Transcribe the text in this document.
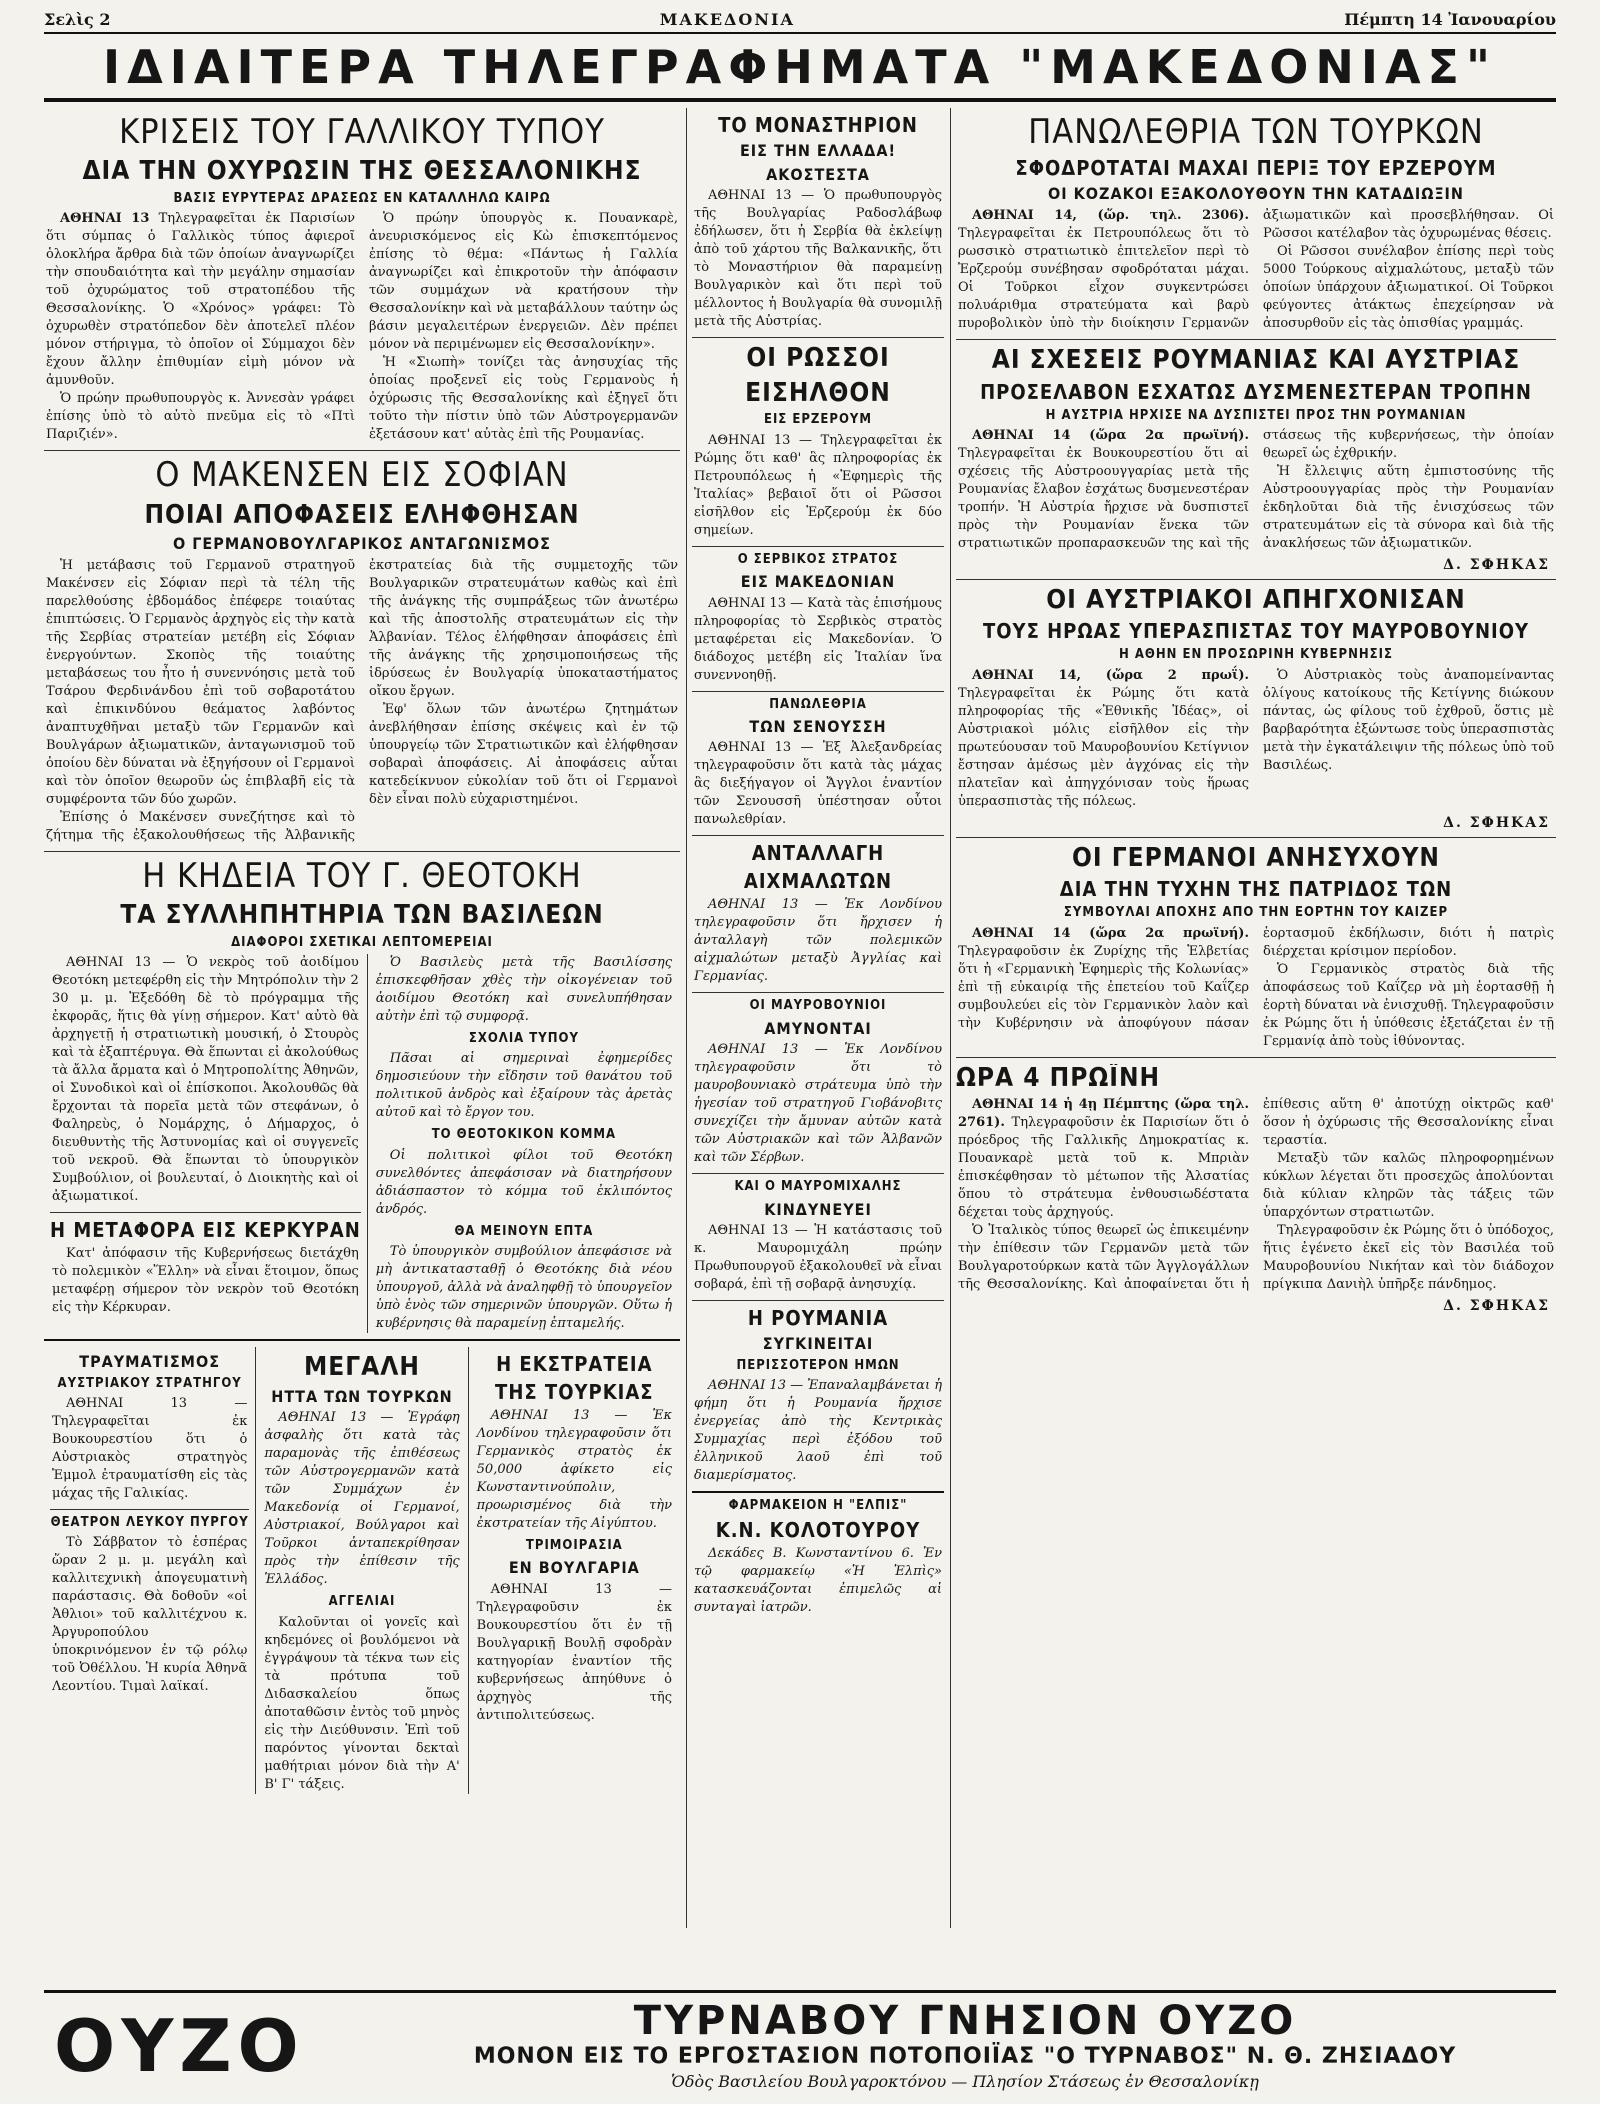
Σελὶς 2	ΜΑΚΕΔΟΝΙΑ	Πέμπτη 14 Ἰανουαρίου
ΙΔΙΑΙΤΕΡΑ ΤΗΛΕΓΡΑΦΗΜΑΤΑ "ΜΑΚΕΔΟΝΙΑΣ"
ΚΡΙΣΕΙΣ ΤΟΥ ΓΑΛΛΙΚΟΥ ΤΥΠΟΥ
ΔΙΑ ΤΗΝ ΟΧΥΡΩΣΙΝ ΤΗΣ ΘΕΣΣΑΛΟΝΙΚΗΣ
ΒΑΣΙΣ ΕΥΡΥΤΕΡΑΣ ΔΡΑΣΕΩΣ ΕΝ ΚΑΤΑΛΛΗΛΩ ΚΑΙΡΩ

ΑΘΗΝΑΙ 13 Τηλεγραφεῖται ἐκ Παρισίων ὅτι σύμπας ὁ Γαλλικὸς τύπος ἀφιεροῖ ὁλοκλήρα ἄρθρα διὰ τῶν ὁποίων ἀναγνωρίζει τὴν σπουδαιότητα καὶ τὴν μεγάλην σημασίαν τοῦ ὀχυρώματος τοῦ στρατοπέδου τῆς Θεσσαλονίκης. Ὁ «Χρόνος» γράφει: Τὸ ὀχυρωθὲν στρατόπεδον δὲν ἀποτελεῖ πλέον μόνον στήριγμα, τὸ ὁποῖον οἱ Σύμμαχοι δὲν ἔχουν ἄλλην ἐπιθυμίαν εἰμὴ μόνον νὰ ἀμυνθοῦν.

Ὁ πρώην πρωθυπουργὸς κ. Ἀννεσὰν γράφει ἐπίσης ὑπὸ τὸ αὐτὸ πνεῦμα εἰς τὸ «Πτὶ Παριζιέν».

Ὁ πρώην ὑπουργὸς κ. Πουανκαρὲ, ἀνευρισκόμενος εἰς Κὼ ἐπισκεπτόμενος ἐπίσης τὸ θέμα: «Πάντως ἡ Γαλλία ἀναγνωρίζει καὶ ἐπικροτοῦν τὴν ἀπόφασιν τῶν συμμάχων νὰ κρατήσουν τὴν Θεσσαλονίκην καὶ νὰ μεταβάλλουν ταύτην ὡς βάσιν μεγαλειτέρων ἐνεργειῶν. Δὲν πρέπει μόνον νὰ περιμένωμεν εἰς Θεσσαλονίκην».

Ἡ «Σιωπὴ» τονίζει τὰς ἀνησυχίας τῆς ὁποίας προξενεῖ εἰς τοὺς Γερμανοὺς ἡ ὀχύρωσις τῆς Θεσσαλονίκης καὶ ἐξηγεῖ ὅτι τοῦτο τὴν πίστιν ὑπὸ τῶν Αὐστρογερμανῶν ἐξετάσουν κατ' αὐτὰς ἐπὶ τῆς Ρουμανίας.

Ο ΜΑΚΕΝΣΕΝ ΕΙΣ ΣΟΦΙΑΝ
ΠΟΙΑΙ ΑΠΟΦΑΣΕΙΣ ΕΛΗΦΘΗΣΑΝ
Ο ΓΕΡΜΑΝΟΒΟΥΛΓΑΡΙΚΟΣ ΑΝΤΑΓΩΝΙΣΜΟΣ

Ἡ μετάβασις τοῦ Γερμανοῦ στρατηγοῦ Μακένσεν εἰς Σόφιαν περὶ τὰ τέλη τῆς παρελθούσης ἑβδομάδος ἐπέφερε τοιαύτας ἐπιπτώσεις. Ὁ Γερμανὸς ἀρχηγὸς εἰς τὴν κατὰ τῆς Σερβίας στρατείαν μετέβη εἰς Σόφιαν ἐνεργούντων. Σκοπὸς τῆς τοιαύτης μεταβάσεως του ἦτο ἡ συνεννόησις μετὰ τοῦ Τσάρου Φερδινάνδου ἐπὶ τοῦ σοβαροτάτου καὶ ἐπικινδύνου θεάματος λαβόντος ἀναπτυχθῆναι μεταξὺ τῶν Γερμανῶν καὶ Βουλγάρων ἀξιωματικῶν, ἀνταγωνισμοῦ τοῦ ὁποίου δὲν δύναται νὰ ἐξηγήσουν οἱ Γερμανοὶ καὶ τὸν ὁποῖον θεωροῦν ὡς ἐπιβλαβῆ εἰς τὰ συμφέροντα τῶν δύο χωρῶν.

Ἐπίσης ὁ Μακένσεν συνεζήτησε καὶ τὸ ζήτημα τῆς ἐξακολουθήσεως τῆς Ἀλβανικῆς ἐκστρατείας διὰ τῆς συμμετοχῆς τῶν Βουλγαρικῶν στρατευμάτων καθὼς καὶ ἐπὶ τῆς ἀνάγκης τῆς συμπράξεως τῶν ἀνωτέρω καὶ τῆς ἀποστολῆς στρατευμάτων εἰς τὴν Ἀλβανίαν. Τέλος ἐλήφθησαν ἀποφάσεις ἐπὶ τῆς ἀνάγκης τῆς χρησιμοποιήσεως τῆς ἱδρύσεως ἐν Βουλγαρίᾳ ὑποκαταστήματος οἴκου ἔργων.

Ἐφ' ὅλων τῶν ἀνωτέρω ζητημάτων ἀνεβλήθησαν ἐπίσης σκέψεις καὶ ἐν τῷ ὑπουργείῳ τῶν Στρατιωτικῶν καὶ ἐλήφθησαν σοβαραὶ ἀποφάσεις. Αἱ ἀποφάσεις αὗται κατεδείκνυον εὐκολίαν τοῦ ὅτι οἱ Γερμανοὶ δὲν εἶναι πολὺ εὐχαριστημένοι.

Η ΚΗΔΕΙΑ ΤΟΥ Γ. ΘΕΟΤΟΚΗ
ΤΑ ΣΥΛΛΗΠΗΤΗΡΙΑ ΤΩΝ ΒΑΣΙΛΕΩΝ
ΔΙΑΦΟΡΟΙ ΣΧΕΤΙΚΑΙ ΛΕΠΤΟΜΕΡΕΙΑΙ

ΑΘΗΝΑΙ 13 — Ὁ νεκρὸς τοῦ ἀοιδίμου Θεοτόκη μετεφέρθη εἰς τὴν Μητρόπολιν τὴν 2 30 μ. μ. Ἐξεδόθη δὲ τὸ πρόγραμμα τῆς ἐκφορᾶς, ἥτις θὰ γίνῃ σήμερον. Κατ' αὐτὸ θὰ ἀρχηγετῇ ἡ στρατιωτικὴ μουσική, ὁ Στουρὸς καὶ τὰ ἐξαπτέρυγα. Θὰ ἕπωνται εἰ ἀκολούθως τὰ ἄλλα ἄρματα καὶ ὁ Μητροπολίτης Ἀθηνῶν, οἱ Συνοδικοὶ καὶ οἱ ἐπίσκοποι. Ἀκολουθῶς θὰ ἔρχονται τὰ πορεῖα μετὰ τῶν στεφάνων, ὁ Φαληρεὺς, ὁ Νομάρχης, ὁ Δήμαρχος, ὁ διευθυντὴς τῆς Ἀστυνομίας καὶ οἱ συγγενεῖς τοῦ νεκροῦ. Θὰ ἕπωνται τὸ ὑπουργικὸν Συμβούλιον, οἱ βουλευταί, ὁ Διοικητὴς καὶ οἱ ἀξιωματικοί.

Η ΜΕΤΑΦΟΡΑ ΕΙΣ ΚΕΡΚΥΡΑΝ

Κατ' ἀπόφασιν τῆς Κυβερνήσεως διετάχθη τὸ πολεμικὸν «Ἕλλη» νὰ εἶναι ἕτοιμον, ὅπως μεταφέρῃ σήμερον τὸν νεκρὸν τοῦ Θεοτόκη εἰς τὴν Κέρκυραν.

Ὁ Βασιλεὺς μετὰ τῆς Βασιλίσσης ἐπισκεφθῆσαν χθὲς τὴν οἰκογένειαν τοῦ ἀοιδίμου Θεοτόκη καὶ συνελυπήθησαν αὐτὴν ἐπὶ τῷ συμφορᾷ.

ΣΧΟΛΙΑ ΤΥΠΟΥ

Πᾶσαι αἱ σημεριναὶ ἐφημερίδες δημοσιεύουν τὴν εἴδησιν τοῦ θανάτου τοῦ πολιτικοῦ ἀνδρὸς καὶ ἐξαίρουν τὰς ἀρετὰς αὐτοῦ καὶ τὸ ἔργον του.

ΤΟ ΘΕΟΤΟΚΙΚΟΝ ΚΟΜΜΑ

Οἱ πολιτικοὶ φίλοι τοῦ Θεοτόκη συνελθόντες ἀπεφάσισαν νὰ διατηρήσουν ἀδιάσπαστον τὸ κόμμα τοῦ ἐκλιπόντος ἀνδρός.

ΘΑ ΜΕΙΝΟΥΝ ΕΠΤΑ

Τὸ ὑπουργικὸν συμβούλιον ἀπεφάσισε νὰ μὴ ἀντικατασταθῇ ὁ Θεοτόκης διὰ νέου ὑπουργοῦ, ἀλλὰ νὰ ἀναληφθῇ τὸ ὑπουργεῖον ὑπὸ ἑνὸς τῶν σημερινῶν ὑπουργῶν. Οὕτω ἡ κυβέρνησις θὰ παραμείνῃ ἑπταμελής.

ΤΡΑΥΜΑΤΙΣΜΟΣ
ΑΥΣΤΡΙΑΚΟΥ ΣΤΡΑΤΗΓΟΥ

ΑΘΗΝΑΙ 13 — Τηλεγραφεῖται ἐκ Βουκουρεστίου ὅτι ὁ Αὐστριακὸς στρατηγὸς Ἐμμολ ἐτραυματίσθη εἰς τὰς μάχας τῆς Γαλικίας.

ΘΕΑΤΡΟΝ ΛΕΥΚΟΥ ΠΥΡΓΟΥ

Τὸ Σάββατον τὸ ἑσπέρας ὥραν 2 μ. μ. μεγάλη καὶ καλλιτεχνικὴ ἀπογευματινὴ παράστασις. Θὰ δοθοῦν «οἱ Ἀθλιοι» τοῦ καλλιτέχνου κ. Ἀργυροπούλου ὑποκρινόμενον ἐν τῷ ρόλῳ τοῦ Ὀθέλλου. Ἡ κυρία Ἀθηνᾶ Λεοντίου. Τιμαὶ λαϊκαί.

ΜΕΓΑΛΗ
ΗΤΤΑ ΤΩΝ ΤΟΥΡΚΩΝ

ΑΘΗΝΑΙ 13 — Ἐγράφη ἀσφαλὴς ὅτι κατὰ τὰς παραμονὰς τῆς ἐπιθέσεως τῶν Αὐστρογερμανῶν κατὰ τῶν Συμμάχων ἐν Μακεδονίᾳ οἱ Γερμανοί, Αὐστριακοί, Βούλγαροι καὶ Τοῦρκοι ἀνταπεκρίθησαν πρὸς τὴν ἐπίθεσιν τῆς Ἑλλάδος.

ΑΓΓΕΛΙΑΙ

Καλοῦνται οἱ γονεῖς καὶ κηδεμόνες οἱ βουλόμενοι νὰ ἐγγράψουν τὰ τέκνα των εἰς τὰ πρότυπα τοῦ Διδασκαλείου ὅπως ἀποταθῶσιν ἐντὸς τοῦ μηνὸς εἰς τὴν Διεύθυνσιν. Ἐπὶ τοῦ παρόντος γίνονται δεκταὶ μαθήτριαι μόνον διὰ τὴν Α' Β' Γ' τάξεις.

Η ΕΚΣΤΡΑΤΕΙΑ
ΤΗΣ ΤΟΥΡΚΙΑΣ

ΑΘΗΝΑΙ 13 — Ἐκ Λονδίνου τηλεγραφοῦσιν ὅτι Γερμανικὸς στρατὸς ἐκ 50,000 ἀφίκετο εἰς Κωνσταντινούπολιν, προωρισμένος διὰ τὴν ἐκστρατείαν τῆς Αἰγύπτου.

ΤΡΙΜΟΙΡΑΣΙΑ
ΕΝ ΒΟΥΛΓΑΡΙΑ

ΑΘΗΝΑΙ 13 — Τηλεγραφοῦσιν ἐκ Βουκουρεστίου ὅτι ἐν τῇ Βουλγαρικῇ Βουλῇ σφοδρὰν κατηγορίαν ἐναντίον τῆς κυβερνήσεως ἀπηύθυνε ὁ ἀρχηγὸς τῆς ἀντιπολιτεύσεως.

ΤΟ ΜΟΝΑΣΤΗΡΙΟΝ
ΕΙΣ ΤΗΝ ΕΛΛΑΔΑ!
ΑΚΟΣΤΕΣΤΑ

ΑΘΗΝΑΙ 13 — Ὁ πρωθυπουργὸς τῆς Βουλγαρίας Ραδοσλάβωφ ἐδήλωσεν, ὅτι ἡ Σερβία θὰ ἐκλείψῃ ἀπὸ τοῦ χάρτου τῆς Βαλκανικῆς, ὅτι τὸ Μοναστήριον θὰ παραμείνῃ Βουλγαρικὸν καὶ ὅτι περὶ τοῦ μέλλοντος ἡ Βουλγαρία θὰ συνομιλῇ μετὰ τῆς Αὐστρίας.

ΟΙ ΡΩΣΣΟΙ
ΕΙΣΗΛΘΟΝ
ΕΙΣ ΕΡΖΕΡΟΥΜ

ΑΘΗΝΑΙ 13 — Τηλεγραφεῖται ἐκ Ρώμης ὅτι καθ' ἃς πληροφορίας ἐκ Πετρουπόλεως ἡ «Ἐφημερὶς τῆς Ἰταλίας» βεβαιοῖ ὅτι οἱ Ρῶσσοι εἰσῆλθον εἰς Ἐρζερούμ ἐκ δύο σημείων.

Ο ΣΕΡΒΙΚΟΣ ΣΤΡΑΤΟΣ
ΕΙΣ ΜΑΚΕΔΟΝΙΑΝ

ΑΘΗΝΑΙ 13 — Κατὰ τὰς ἐπισήμους πληροφορίας τὸ Σερβικὸς στρατὸς μεταφέρεται εἰς Μακεδονίαν. Ὁ διάδοχος μετέβη εἰς Ἰταλίαν ἵνα συνεννοηθῇ.

ΠΑΝΩΛΕΘΡΙΑ
ΤΩΝ ΣΕΝΟΥΣΣΗ

ΑΘΗΝΑΙ 13 — Ἐξ Ἀλεξανδρείας τηλεγραφοῦσιν ὅτι κατὰ τὰς μάχας ἃς διεξήγαγον οἱ Ἄγγλοι ἐναντίον τῶν Σενουσσῆ ὑπέστησαν οὗτοι πανωλεθρίαν.

ΑΝΤΑΛΛΑΓΗ
ΑΙΧΜΑΛΩΤΩΝ

ΑΘΗΝΑΙ 13 — Ἐκ Λονδίνου τηλεγραφοῦσιν ὅτι ἤρχισεν ἡ ἀνταλλαγὴ τῶν πολεμικῶν αἰχμαλώτων μεταξὺ Ἀγγλίας καὶ Γερμανίας.

ΟΙ ΜΑΥΡΟΒΟΥΝΙΟΙ
ΑΜΥΝΟΝΤΑΙ

ΑΘΗΝΑΙ 13 — Ἐκ Λονδίνου τηλεγραφοῦσιν ὅτι τὸ μαυροβουνιακὸ στράτευμα ὑπὸ τὴν ἡγεσίαν τοῦ στρατηγοῦ Γιοβάνοβιτς συνεχίζει τὴν ἄμυναν αὐτῶν κατὰ τῶν Αὐστριακῶν καὶ τῶν Ἀλβανῶν καὶ τῶν Σέρβων.

ΚΑΙ Ο ΜΑΥΡΟΜΙΧΑΛΗΣ
ΚΙΝΔΥΝΕΥΕΙ

ΑΘΗΝΑΙ 13 — Ἡ κατάστασις τοῦ κ. Μαυρομιχάλη πρώην Πρωθυπουργοῦ ἐξακολουθεῖ νὰ εἶναι σοβαρά, ἐπὶ τῇ σοβαρᾷ ἀνησυχίᾳ.

Η ΡΟΥΜΑΝΙΑ
ΣΥΓΚΙΝΕΙΤΑΙ
ΠΕΡΙΣΣΟΤΕΡΟΝ ΗΜΩΝ

ΑΘΗΝΑΙ 13 — Ἐπαναλαμβάνεται ἡ φήμη ὅτι ἡ Ρουμανία ἤρχισε ἐνεργείας ἀπὸ τὴς Κεντρικὰς Συμμαχίας περὶ ἐξόδου τοῦ ἐλληνικοῦ λαοῦ ἐπὶ τοῦ διαμερίσματος.

ΦΑΡΜΑΚΕΙΟΝ Η "ΕΛΠΙΣ"
Κ.Ν. ΚΟΛΟΤΟΥΡΟΥ

Δεκάδες Β. Κωνσταντίνου 6. Ἐν τῷ φαρμακείῳ «Ἡ Ἐλπὶς» κατασκευάζονται ἐπιμελῶς αἱ συνταγαὶ ἰατρῶν.

ΠΑΝΩΛΕΘΡΙΑ ΤΩΝ ΤΟΥΡΚΩΝ
ΣΦΟΔΡΟΤΑΤΑΙ ΜΑΧΑΙ ΠΕΡΙΞ ΤΟΥ ΕΡΖΕΡΟΥΜ
ΟΙ ΚΟΖΑΚΟΙ ΕΞΑΚΟΛΟΥΘΟΥΝ ΤΗΝ ΚΑΤΑΔΙΩΞΙΝ

ΑΘΗΝΑΙ 14, (ὥρ. τηλ. 2306). Τηλεγραφεῖται ἐκ Πετρουπόλεως ὅτι τὸ ρωσσικὸ στρατιωτικὸ ἐπιτελεῖον περὶ τὸ Ἐρζερούμ συνέβησαν σφοδρόταται μάχαι. Οἱ Τοῦρκοι εἶχον συγκεντρώσει πολυάριθμα στρατεύματα καὶ βαρὺ πυροβολικὸν ὑπὸ τὴν διοίκησιν Γερμανῶν ἀξιωματικῶν καὶ προσεβλήθησαν. Οἱ Ρῶσσοι κατέλαβον τὰς ὀχυρωμένας θέσεις.

Οἱ Ρῶσσοι συνέλαβον ἐπίσης περὶ τοὺς 5000 Τούρκους αἰχμαλώτους, μεταξὺ τῶν ὁποίων ὑπάρχουν ἀξιωματικοί. Οἱ Τοῦρκοι φεύγοντες ἀτάκτως ἐπεχείρησαν νὰ ἀποσυρθοῦν εἰς τὰς ὀπισθίας γραμμάς.

ΑΙ ΣΧΕΣΕΙΣ ΡΟΥΜΑΝΙΑΣ ΚΑΙ ΑΥΣΤΡΙΑΣ
ΠΡΟΣΕΛΑΒΟΝ ΕΣΧΑΤΩΣ ΔΥΣΜΕΝΕΣΤΕΡΑΝ ΤΡΟΠΗΝ
Η ΑΥΣΤΡΙΑ ΗΡΧΙΣΕ ΝΑ ΔΥΣΠΙΣΤΕΙ ΠΡΟΣ ΤΗΝ ΡΟΥΜΑΝΙΑΝ

ΑΘΗΝΑΙ 14 (ὥρα 2α πρωϊνή). Τηλεγραφεῖται ἐκ Βουκουρεστίου ὅτι αἱ σχέσεις τῆς Αὐστροουγγαρίας μετὰ τῆς Ρουμανίας ἔλαβον ἐσχάτως δυσμενεστέραν τροπήν. Ἡ Αὐστρία ἤρχισε νὰ δυσπιστεῖ πρὸς τὴν Ρουμανίαν ἕνεκα τῶν στρατιωτικῶν προπαρασκευῶν της καὶ τῆς στάσεως τῆς κυβερνήσεως, τὴν ὁποίαν θεωρεῖ ὡς ἐχθρικήν.

Ἡ ἔλλειψις αὕτη ἐμπιστοσύνης τῆς Αὐστροουγγαρίας πρὸς τὴν Ρουμανίαν ἐκδηλοῦται διὰ τῆς ἐνισχύσεως τῶν στρατευμάτων εἰς τὰ σύνορα καὶ διὰ τῆς ἀνακλήσεως τῶν ἀξιωματικῶν.

Δ. ΣΦΗΚΑΣ
ΟΙ ΑΥΣΤΡΙΑΚΟΙ ΑΠΗΓΧΟΝΙΣΑΝ
ΤΟΥΣ ΗΡΩΑΣ ΥΠΕΡΑΣΠΙΣΤΑΣ ΤΟΥ ΜΑΥΡΟΒΟΥΝΙΟΥ
Η ΑΘΗΝ ΕΝ ΠΡΟΣΩΡΙΝΗ ΚΥΒΕΡΝΗΣΙΣ

ΑΘΗΝΑΙ 14, (ὥρα 2 πρωΐ). Τηλεγραφεῖται ἐκ Ρώμης ὅτι κατὰ πληροφορίας τῆς «Ἐθνικῆς Ἰδέας», οἱ Αὐστριακοὶ μόλις εἰσῆλθον εἰς τὴν πρωτεύουσαν τοῦ Μαυροβουνίου Κετίγνιον ἔστησαν ἀμέσως μὲν ἀγχόνας εἰς τὴν πλατεῖαν καὶ ἀπηγχόνισαν τοὺς ἥρωας ὑπερασπιστὰς τῆς πόλεως.

Ὁ Αὐστριακὸς τοὺς ἀναπομείναντας ὀλίγους κατοίκους τῆς Κετίγνης διώκουν πάντας, ὡς φίλους τοῦ ἐχθροῦ, ὅστις μὲ βαρβαρότητα ἐξώντωσε τοὺς ὑπερασπιστὰς μετὰ τὴν ἐγκατάλειψιν τῆς πόλεως ὑπὸ τοῦ Βασιλέως.

Δ. ΣΦΗΚΑΣ
ΟΙ ΓΕΡΜΑΝΟΙ ΑΝΗΣΥΧΟΥΝ
ΔΙΑ ΤΗΝ ΤΥΧΗΝ ΤΗΣ ΠΑΤΡΙΔΟΣ ΤΩΝ
ΣΥΜΒΟΥΛΑΙ ΑΠΟΧΗΣ ΑΠΟ ΤΗΝ ΕΟΡΤΗΝ ΤΟΥ ΚΑΪΖΕΡ

ΑΘΗΝΑΙ 14 (ὥρα 2α πρωϊνή). Τηλεγραφοῦσιν ἐκ Ζυρίχης τῆς Ἑλβετίας ὅτι ἡ «Γερμανικὴ Ἐφημερὶς τῆς Κολωνίας» ἐπὶ τῇ εὐκαιρίᾳ τῆς ἐπετείου τοῦ Καΐζερ συμβουλεύει εἰς τὸν Γερμανικὸν λαὸν καὶ τὴν Κυβέρνησιν νὰ ἀποφύγουν πάσαν ἑορτασμοῦ ἐκδήλωσιν, διότι ἡ πατρὶς διέρχεται κρίσιμον περίοδον.

Ὁ Γερμανικὸς στρατὸς διὰ τῆς ἀποφάσεως τοῦ Καΐζερ νὰ μὴ ἑορτασθῇ ἡ ἑορτὴ δύναται νὰ ἐνισχυθῇ. Τηλεγραφοῦσιν ἐκ Ρώμης ὅτι ἡ ὑπόθεσις ἐξετάζεται ἐν τῇ Γερμανίᾳ ἀπὸ τοὺς ἰθύνοντας.

ΩΡΑ 4 ΠΡΩΪΝΗ

ΑΘΗΝΑΙ 14 ἡ 4ῃ Πέμπτης (ὥρα τηλ. 2761). Τηλεγραφοῦσιν ἐκ Παρισίων ὅτι ὁ πρόεδρος τῆς Γαλλικῆς Δημοκρατίας κ. Πουανκαρὲ μετὰ τοῦ κ. Μπριὰν ἐπισκέφθησαν τὸ μέτωπον τῆς Ἀλσατίας ὅπου τὸ στράτευμα ἐνθουσιωδέστατα δέχεται τοὺς ἀρχηγούς.

Ὁ Ἰταλικὸς τύπος θεωρεῖ ὡς ἐπικειμένην τὴν ἐπίθεσιν τῶν Γερμανῶν μετὰ τῶν Βουλγαροτούρκων κατὰ τῶν Ἀγγλογάλλων τῆς Θεσσαλονίκης. Καὶ ἀποφαίνεται ὅτι ἡ ἐπίθεσις αὕτη θ' ἀποτύχῃ οἰκτρῶς καθ' ὅσον ἡ ὀχύρωσις τῆς Θεσσαλονίκης εἶναι τεραστία.

Μεταξὺ τῶν καλῶς πληροφορημένων κύκλων λέγεται ὅτι προσεχῶς ἀπολύονται διὰ κύλιαν κληρῶν τὰς τάξεις τῶν ὑπαρχόντων στρατιωτῶν.

Τηλεγραφοῦσιν ἐκ Ρώμης ὅτι ὁ ὑπόδοχος, ἥτις ἐγένετο ἐκεῖ εἰς τὸν Βασιλέα τοῦ Μαυροβουνίου Νικήταν καὶ τὸν διάδοχον πρίγκιπα Δανιὴλ ὑπῆρξε πάνδημος.

Δ. ΣΦΗΚΑΣ
ΟΥΖΟ	ΤΥΡΝΑΒΟΥ ΓΝΗΣΙΟΝ ΟΥΖΟ
ΜΟΝΟΝ ΕΙΣ ΤΟ ΕΡΓΟΣΤΑΣΙΟΝ ΠΟΤΟΠΟΙΪΑΣ "Ο ΤΥΡΝΑΒΟΣ" Ν. Θ. ΖΗΣΙΑΔΟΥ
Ὁδὸς Βασιλείου Βουλγαροκτόνου — Πλησίον Στάσεως ἐν Θεσσαλονίκῃ
